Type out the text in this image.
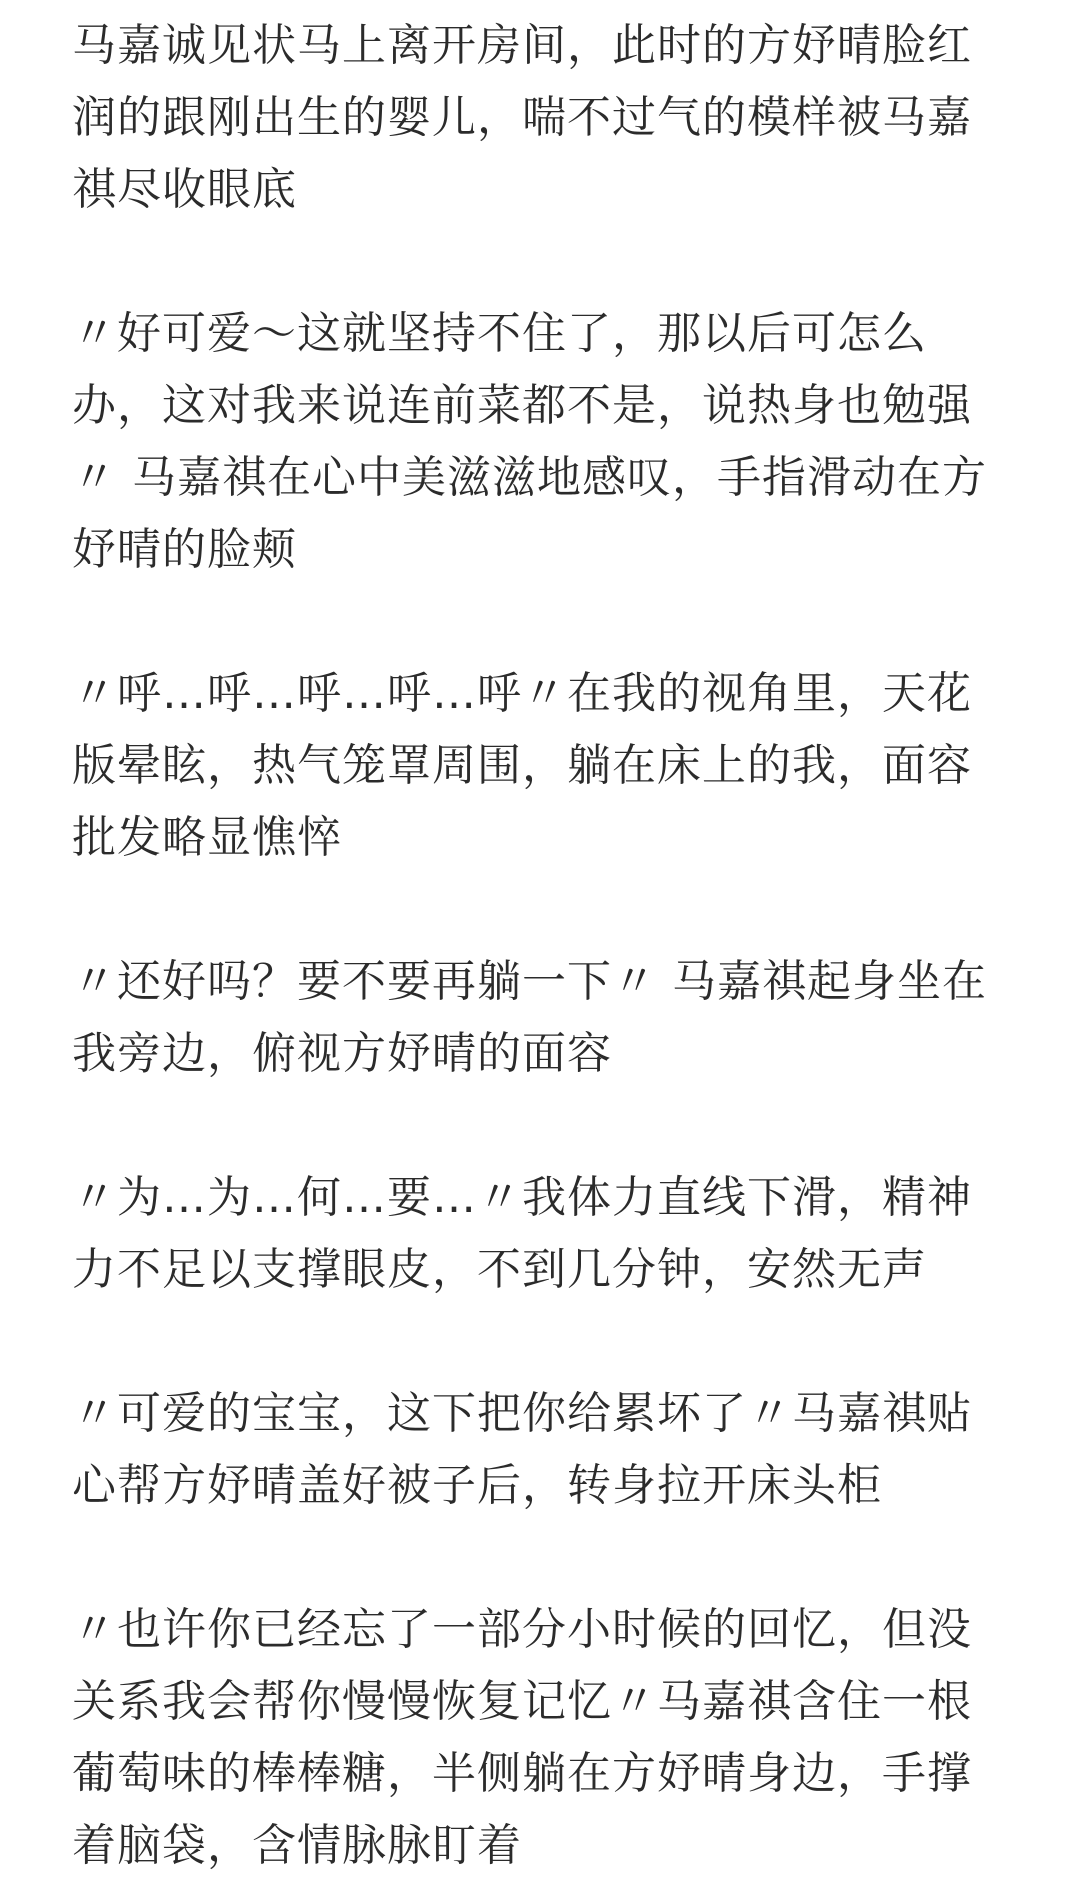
马嘉诚见状马上离开房间，此时的方妤晴脸红润的跟刚出生的婴儿，喘不过气的模样被马嘉祺尽收眼底

〃好可爱～这就坚持不住了，那以后可怎么办，这对我来说连前菜都不是，说热身也勉强〃 马嘉祺在心中美滋滋地感叹，手指滑动在方妤晴的脸颊

〃呼…呼…呼…呼…呼〃在我的视角里，天花版晕眩，热气笼罩周围，躺在床上的我，面容批发略显憔悴

〃还好吗？要不要再躺一下〃 马嘉祺起身坐在我旁边，俯视方妤晴的面容

〃为…为…何…要…〃我体力直线下滑，精神力不足以支撑眼皮，不到几分钟，安然无声

〃可爱的宝宝，这下把你给累坏了〃马嘉祺贴心帮方妤晴盖好被子后，转身拉开床头柜

〃也许你已经忘了一部分小时候的回忆，但没关系我会帮你慢慢恢复记忆〃马嘉祺含住一根葡萄味的棒棒糖，半侧躺在方妤晴身边，手撑着脑袋，含情脉脉盯着
